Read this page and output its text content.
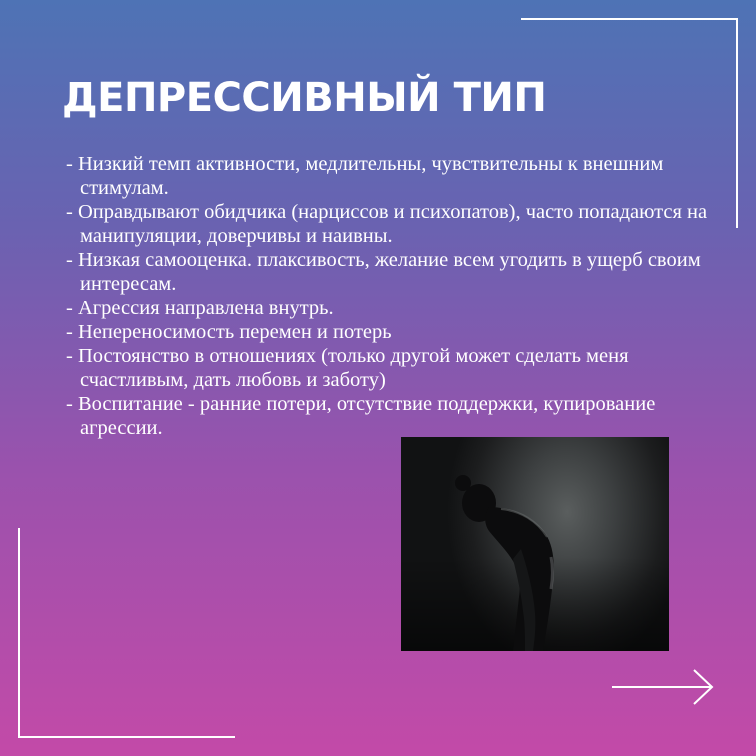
ДЕПРЕССИВНЫЙ ТИП
- Низкий темп активности, медлительны, чувствительны к внешним стимулам.
- Оправдывают обидчика (нарциссов и психопатов), часто попадаются на манипуляции, доверчивы и наивны.
- Низкая самооценка. плаксивость, желание всем угодить в ущерб своим интересам.
- Агрессия направлена внутрь.
- Непереносимость перемен и потерь
- Постоянство в отношениях (только другой может сделать меня счастливым, дать любовь и заботу)
- Воспитание - ранние потери, отсутствие поддержки, купирование агрессии.
